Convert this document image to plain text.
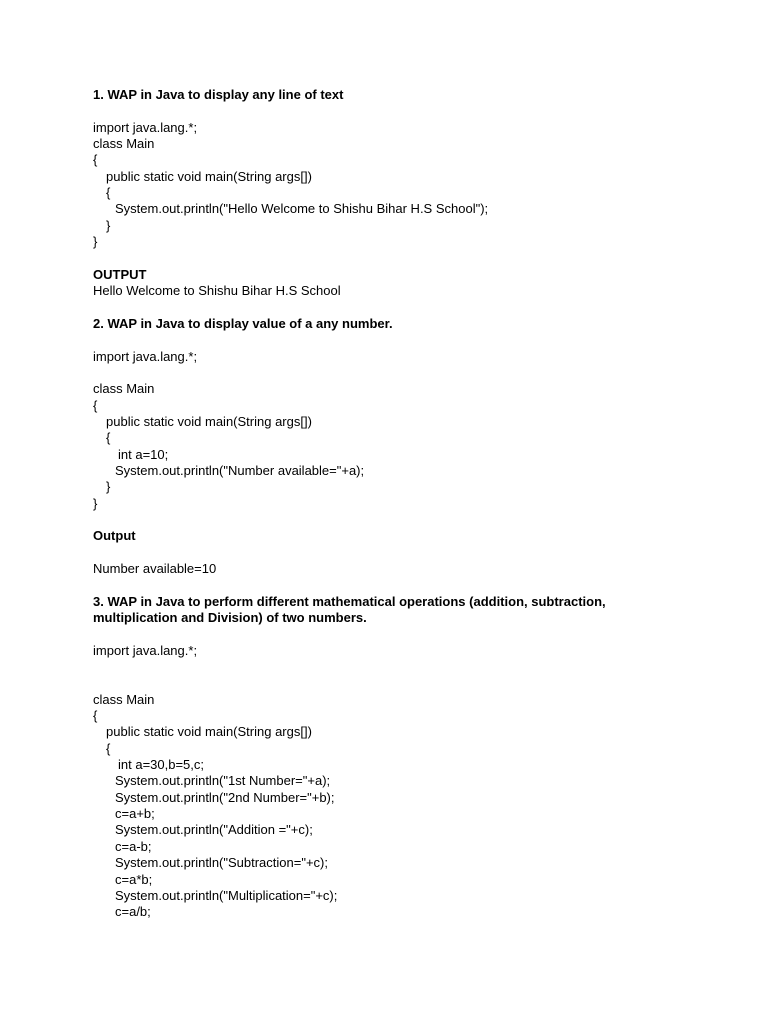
1. WAP in Java to display any line of text
import java.lang.*;
class Main
{
public static void main(String args[])
{
System.out.println("Hello Welcome to Shishu Bihar H.S School");
}
}
OUTPUT
Hello Welcome to Shishu Bihar H.S School
2. WAP in Java to display value of a any number.
import java.lang.*;
class Main
{
public static void main(String args[])
{
int a=10;
System.out.println("Number available="+a);
}
}
Output
Number available=10
3. WAP in Java to perform different mathematical operations (addition, subtraction, multiplication and Division) of two numbers.
import java.lang.*;
class Main
{
public static void main(String args[])
{
int a=30,b=5,c;
System.out.println("1st Number="+a);
System.out.println("2nd Number="+b);
c=a+b;
System.out.println("Addition ="+c);
c=a-b;
System.out.println("Subtraction="+c);
c=a*b;
System.out.println("Multiplication="+c);
c=a/b;
